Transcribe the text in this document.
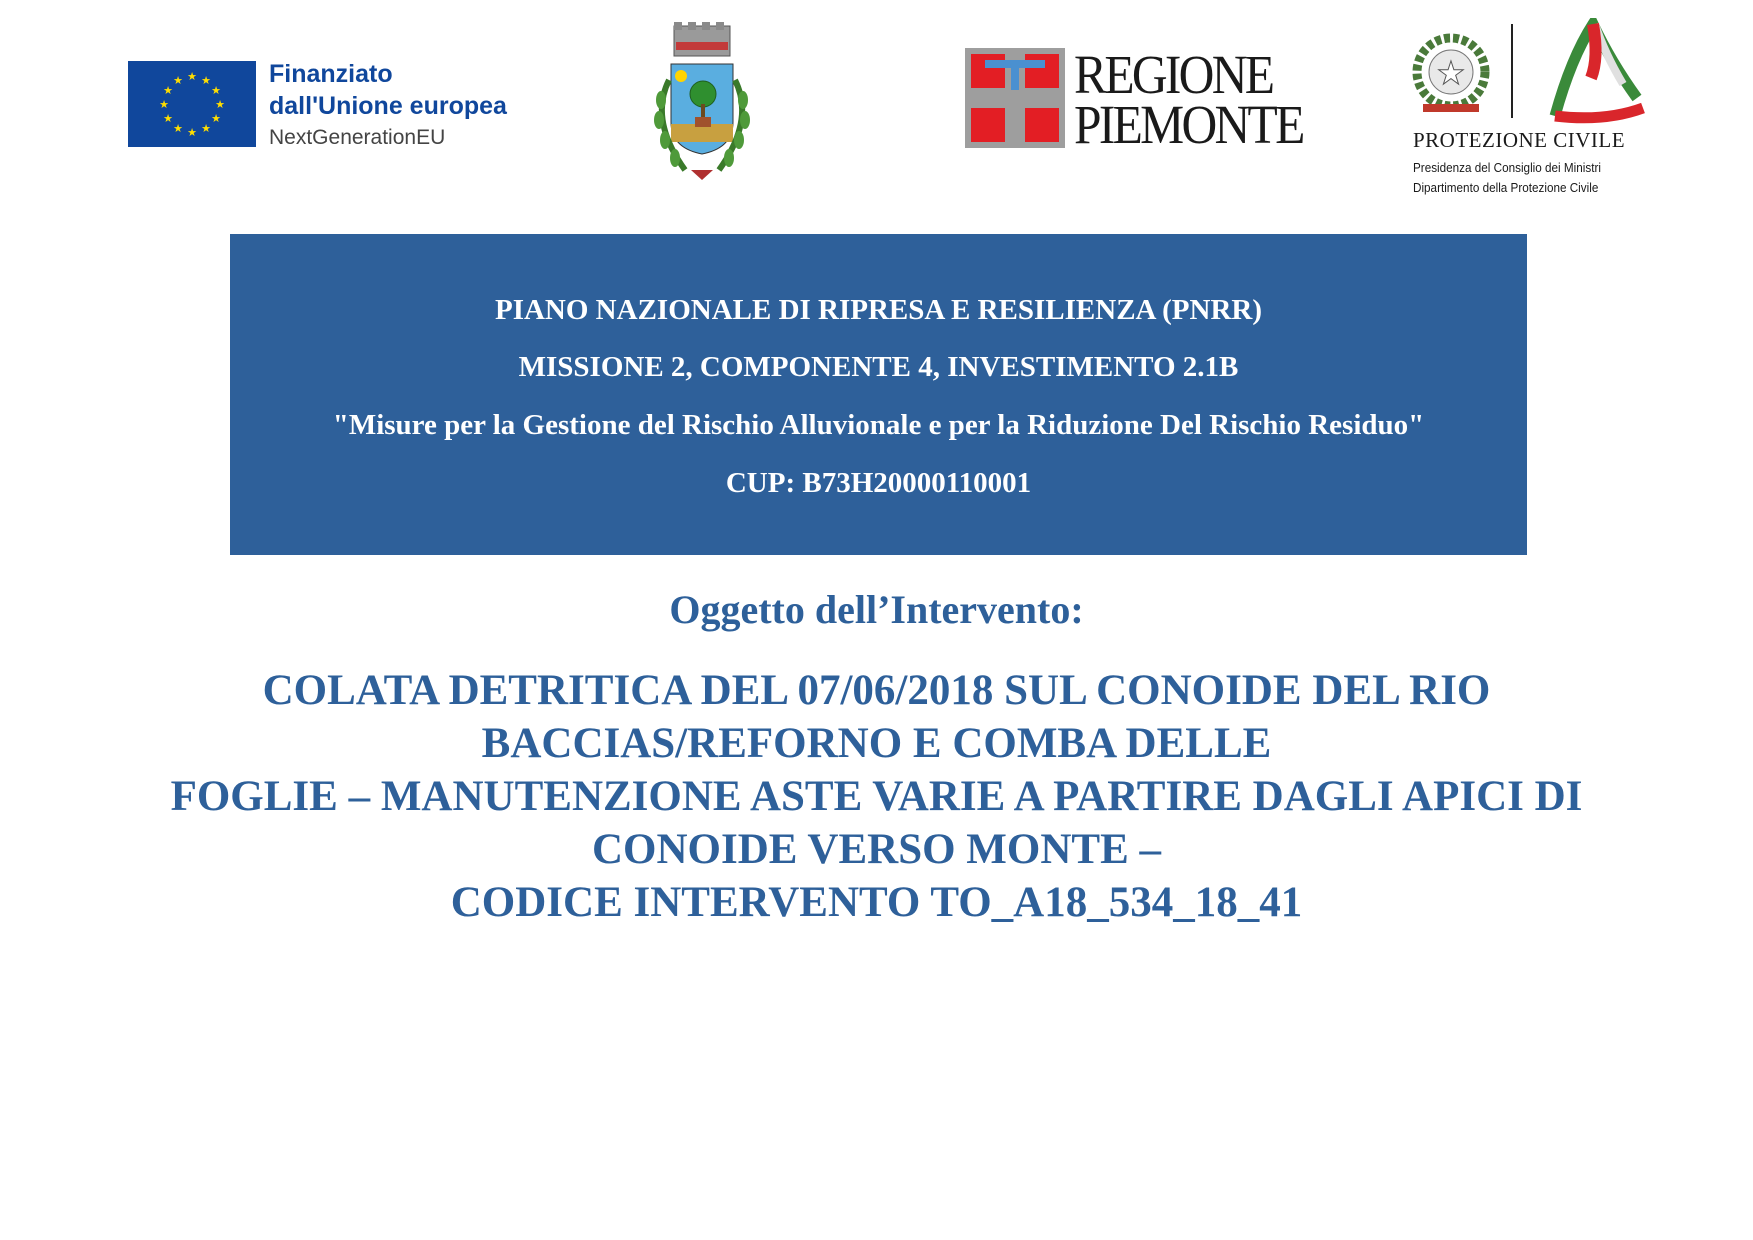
★ ★
★
★
★
★
★
★
★
★
★
★	Finanziato
dall'Unione europea
NextGenerationEU
REGIONE
PIEMONTE
★
PROTEZIONE CIVILE
Presidenza del Consiglio dei Ministri
Dipartimento della Protezione Civile
PIANO NAZIONALE DI RIPRESA E RESILIENZA (PNRR)
MISSIONE 2, COMPONENTE 4, INVESTIMENTO 2.1B
"Misure per la Gestione del Rischio Alluvionale e per la Riduzione Del Rischio Residuo"
CUP: B73H20000110001
Oggetto dell’Intervento:
COLATA DETRITICA DEL 07/06/2018 SUL CONOIDE DEL RIO
BACCIAS/REFORNO E COMBA DELLE
FOGLIE – MANUTENZIONE ASTE VARIE A PARTIRE DAGLI APICI DI
CONOIDE VERSO MONTE –
CODICE INTERVENTO TO_A18_534_18_41
